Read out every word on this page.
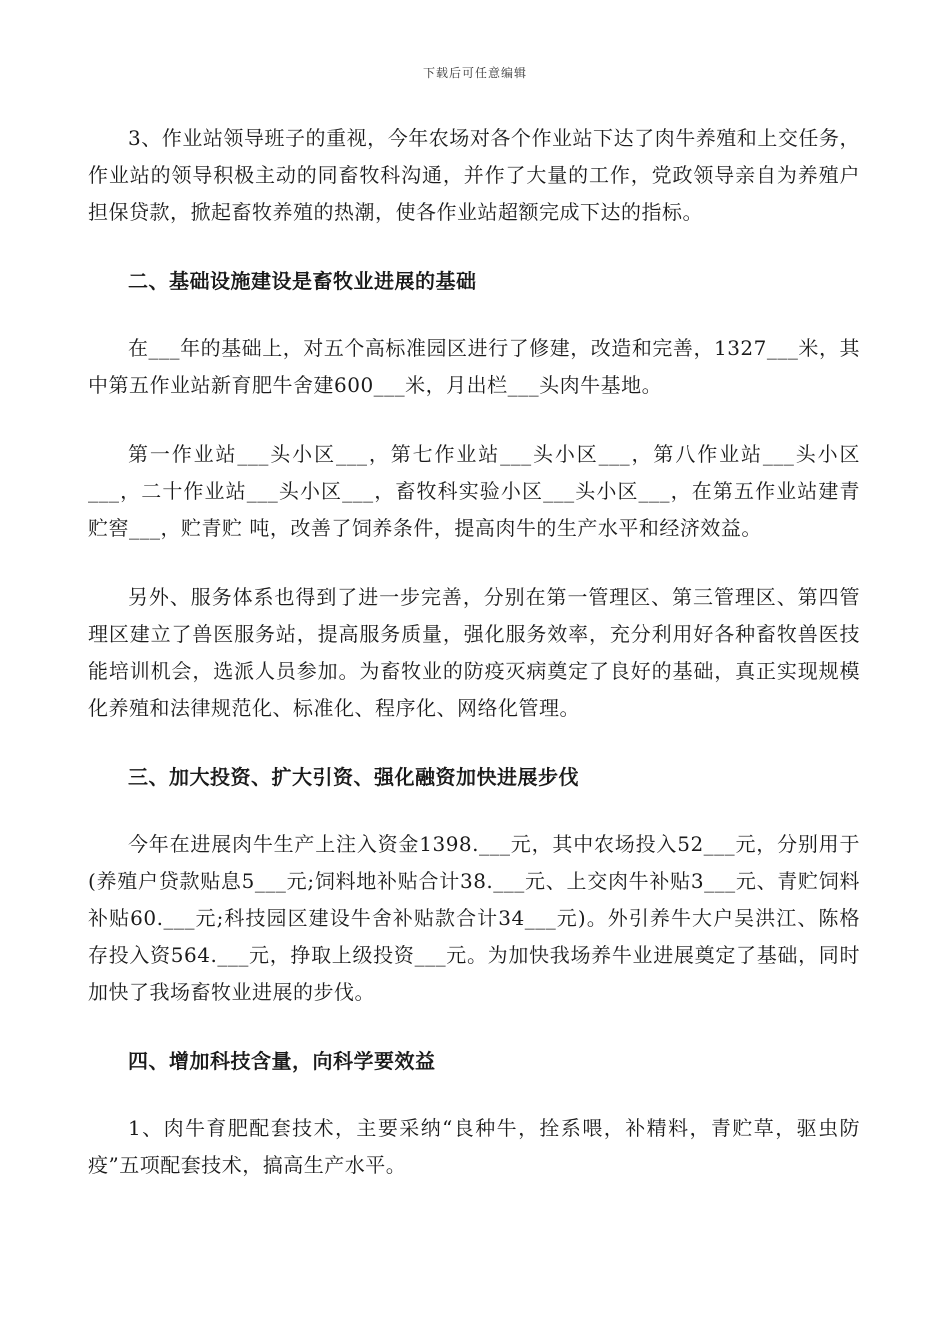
下载后可任意编辑

3、作业站领导班子的重视，今年农场对各个作业站下达了肉牛养殖和上交任务，作业站的领导积极主动的同畜牧科沟通，并作了大量的工作，党政领导亲自为养殖户担保贷款，掀起畜牧养殖的热潮，使各作业站超额完成下达的指标。

二、基础设施建设是畜牧业进展的基础

在___年的基础上，对五个高标准园区进行了修建，改造和完善，1327___米，其中第五作业站新育肥牛舍建600___米，月出栏___头肉牛基地。

第一作业站___头小区___，第七作业站___头小区___，第八作业站___头小区___，二十作业站___头小区___，畜牧科实验小区___头小区___，在第五作业站建青贮窖___，贮青贮 吨，改善了饲养条件，提高肉牛的生产水平和经济效益。

另外、服务体系也得到了进一步完善，分别在第一管理区、第三管理区、第四管理区建立了兽医服务站，提高服务质量，强化服务效率，充分利用好各种畜牧兽医技能培训机会，选派人员参加。为畜牧业的防疫灭病奠定了良好的基础，真正实现规模化养殖和法律规范化、标准化、程序化、网络化管理。

三、加大投资、扩大引资、强化融资加快进展步伐

今年在进展肉牛生产上注入资金1398.___元，其中农场投入52___元，分别用于(养殖户贷款贴息5___元;饲料地补贴合计38.___元、上交肉牛补贴3___元、青贮饲料补贴60.___元;科技园区建设牛舍补贴款合计34___元)。外引养牛大户吴洪江、陈格存投入资564.___元，挣取上级投资___元。为加快我场养牛业进展奠定了基础，同时加快了我场畜牧业进展的步伐。

四、增加科技含量，向科学要效益

1、肉牛育肥配套技术，主要采纳“良种牛，拴系喂，补精料，青贮草，驱虫防疫”五项配套技术，搞高生产水平。
